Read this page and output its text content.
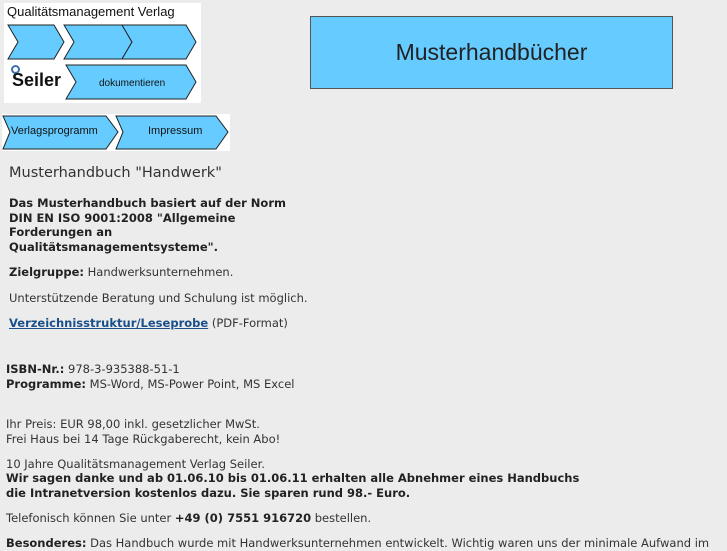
Qualitätsmanagement Verlag
Seiler	dokumentieren
Musterhandbücher
Verlagsprogramm	Impressum
Musterhandbuch "Handwerk"
Das Musterhandbuch basiert auf der Norm
DIN EN ISO 9001:2008 "Allgemeine
Forderungen an
Qualitätsmanagementsysteme".
Zielgruppe: Handwerksunternehmen.
Unterstützende Beratung und Schulung ist möglich.
Verzeichnisstruktur/Leseprobe (PDF-Format)
ISBN-Nr.: 978-3-935388-51-1
Programme: MS-Word, MS-Power Point, MS Excel
Ihr Preis: EUR 98,00 inkl. gesetzlicher MwSt.
Frei Haus bei 14 Tage Rückgaberecht, kein Abo!
10 Jahre Qualitätsmanagement Verlag Seiler.
Wir sagen danke und ab 01.06.10 bis 01.06.11 erhalten alle Abnehmer eines Handbuchs
die Intranetversion kostenlos dazu. Sie sparen rund 98.- Euro.
Telefonisch können Sie unter +49 (0) 7551 916720 bestellen.
Besonderes: Das Handbuch wurde mit Handwerksunternehmen entwickelt. Wichtig waren uns der minimale Aufwand im
